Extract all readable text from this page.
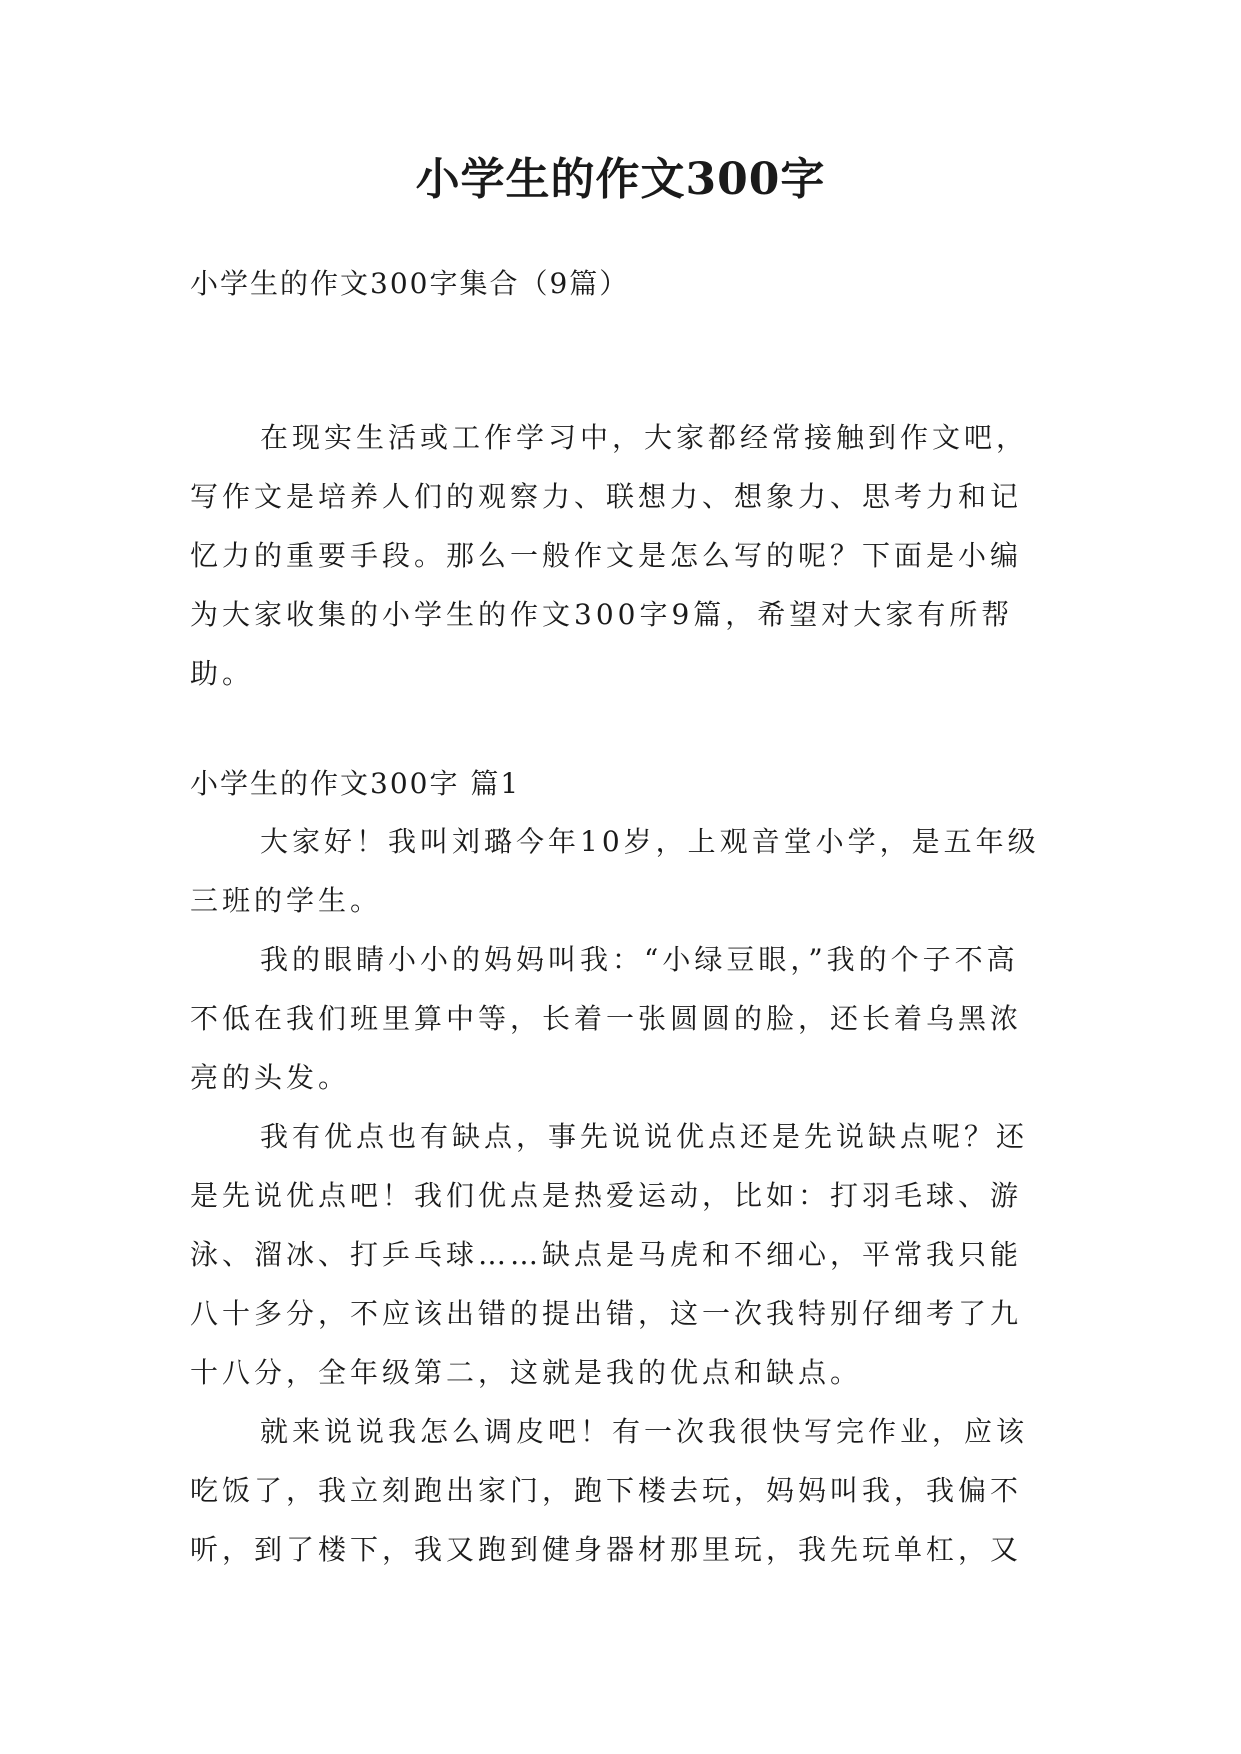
小学生的作文300字
小学生的作文300字集合（9篇）

在现实生活或工作学习中，大家都经常接触到作文吧，写作文是培养人们的观察力、联想力、想象力、思考力和记忆力的重要手段。那么一般作文是怎么写的呢？下面是小编为大家收集的小学生的作文300字9篇，希望对大家有所帮助。

小学生的作文300字 篇1

大家好！我叫刘璐今年10岁，上观音堂小学，是五年级三班的学生。

我的眼睛小小的妈妈叫我：“小绿豆眼，”我的个子不高不低在我们班里算中等，长着一张圆圆的脸，还长着乌黑浓亮的头发。

我有优点也有缺点，事先说说优点还是先说缺点呢？还是先说优点吧！我们优点是热爱运动，比如：打羽毛球、游泳、溜冰、打乒乓球……缺点是马虎和不细心，平常我只能八十多分，不应该出错的提出错，这一次我特别仔细考了九十八分，全年级第二，这就是我的优点和缺点。

就来说说我怎么调皮吧！有一次我很快写完作业，应该吃饭了，我立刻跑出家门，跑下楼去玩，妈妈叫我，我偏不听，到了楼下，我又跑到健身器材那里玩，我先玩单杠，又
